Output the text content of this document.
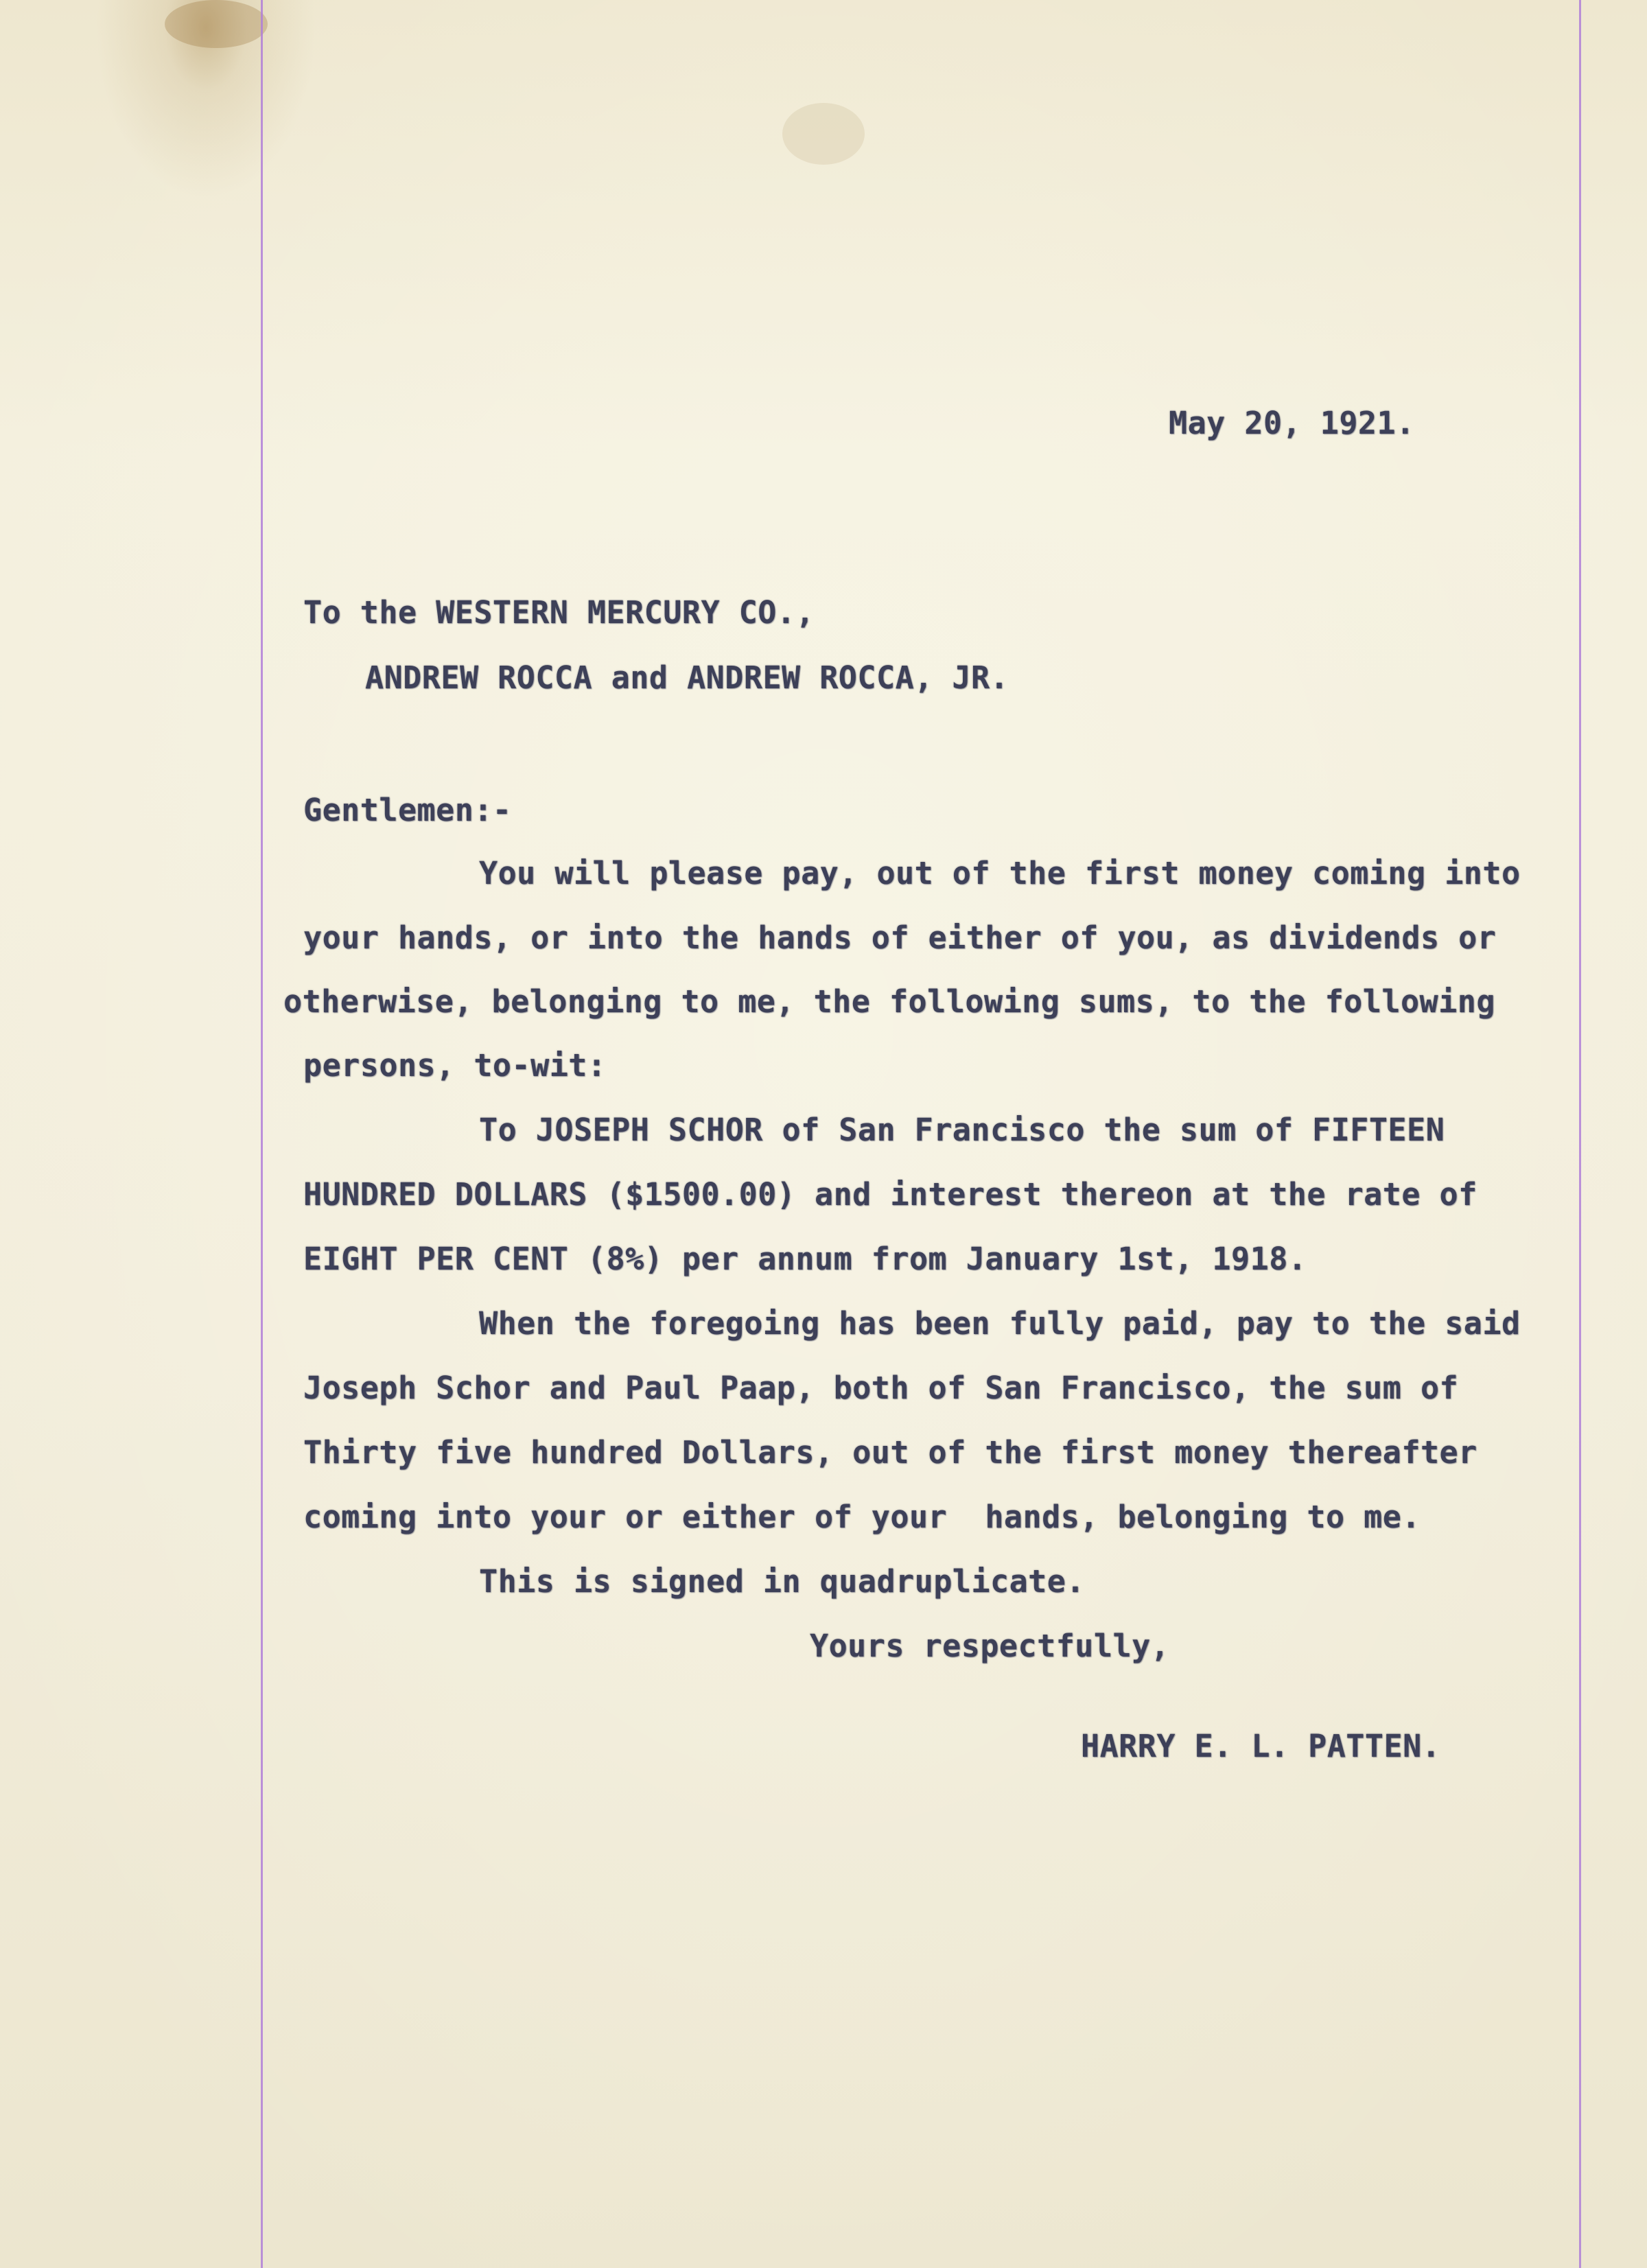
May 20, 1921.

To the WESTERN MERCURY CO.,

ANDREW ROCCA and ANDREW ROCCA, JR.

Gentlemen:-

You will please pay, out of the first money coming into

your hands, or into the hands of either of you, as dividends or

otherwise, belonging to me, the following sums, to the following

persons, to-wit:

To JOSEPH SCHOR of San Francisco the sum of FIFTEEN

HUNDRED DOLLARS ($1500.00) and interest thereon at the rate of

EIGHT PER CENT (8%) per annum from January 1st, 1918.

When the foregoing has been fully paid, pay to the said

Joseph Schor and Paul Paap, both of San Francisco, the sum of

Thirty five hundred Dollars, out of the first money thereafter

coming into your or either of your  hands, belonging to me.

This is signed in quadruplicate.

Yours respectfully,

HARRY E. L. PATTEN.
